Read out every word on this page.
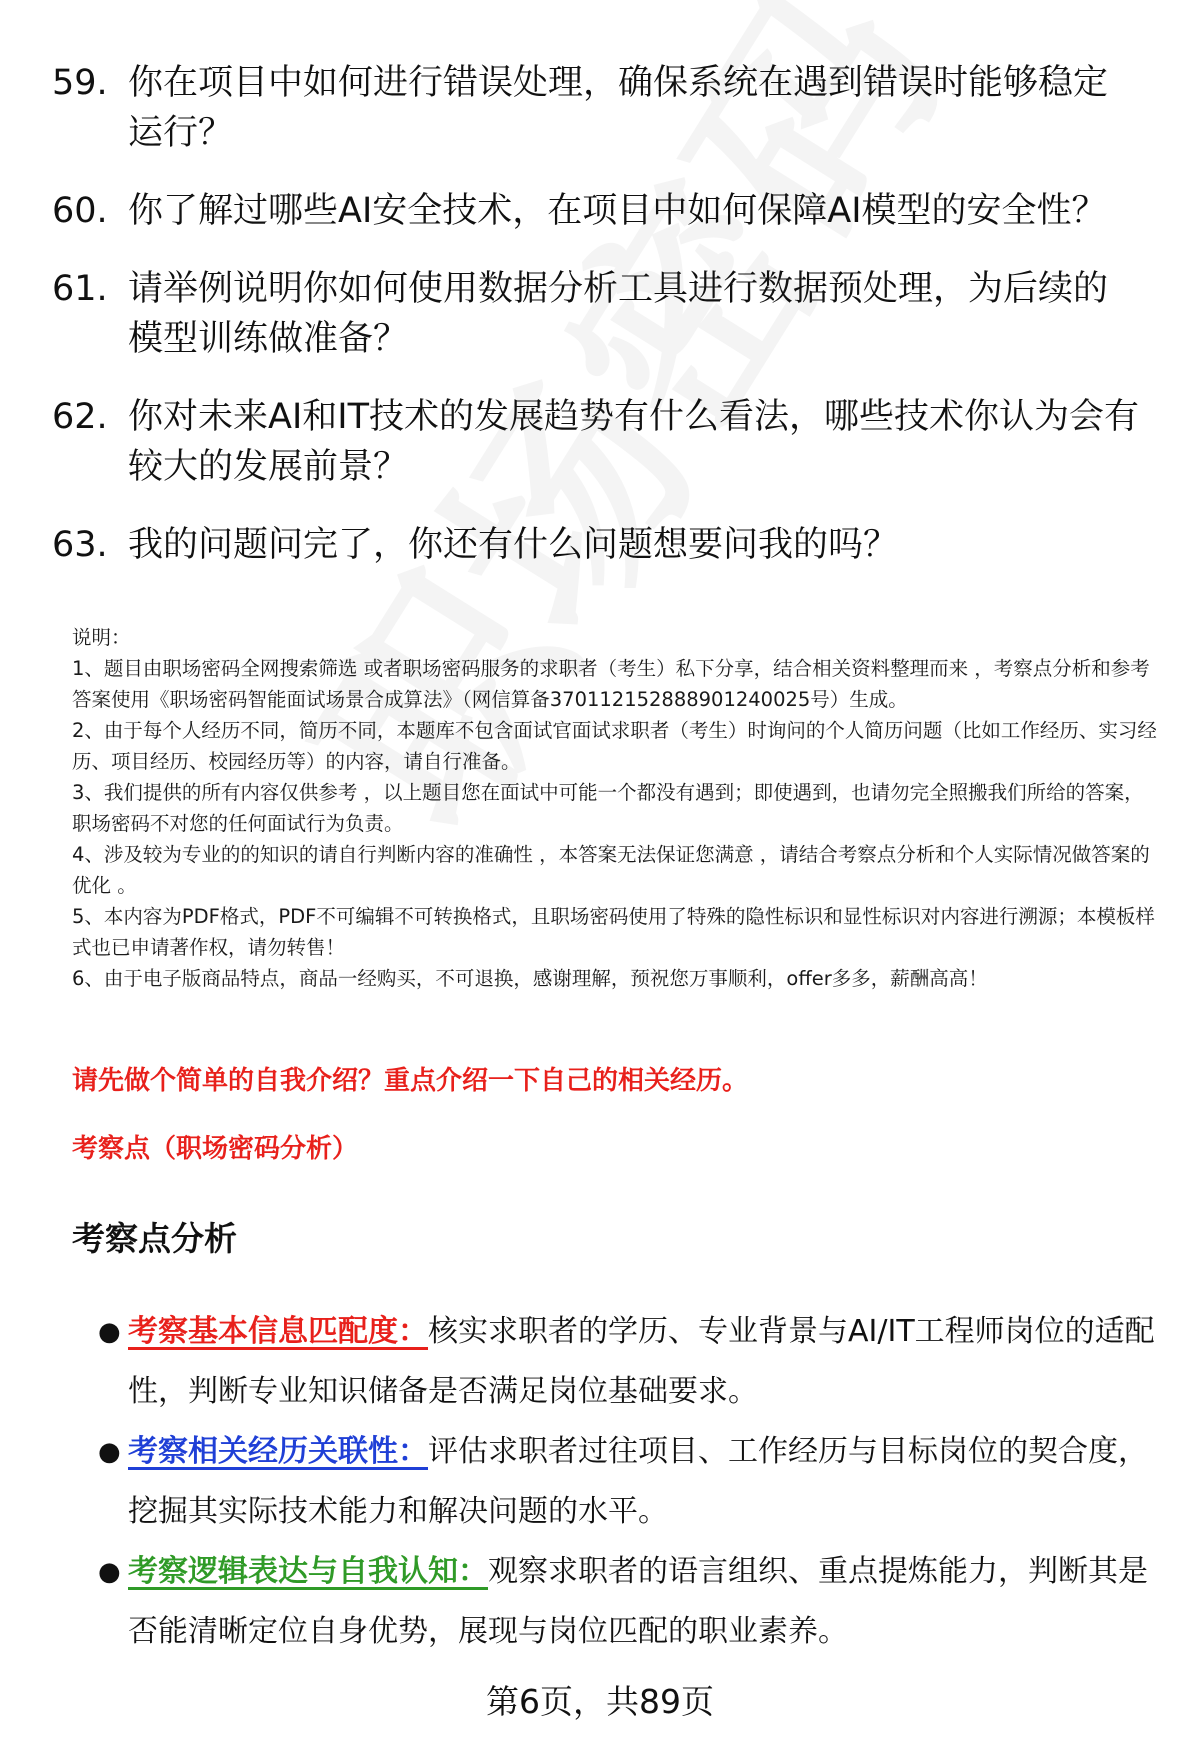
59. 你在项目中如何进行错误处理，确保系统在遇到错误时能够稳定运行？
60. 你了解过哪些AI安全技术，在项目中如何保障AI模型的安全性？
61. 请举例说明你如何使用数据分析工具进行数据预处理，为后续的模型训练做准备？
62. 你对未来AI和IT技术的发展趋势有什么看法，哪些技术你认为会有较大的发展前景？
63. 我的问题问完了，你还有什么问题想要问我的吗？

说明：

1、题目由职场密码全网搜索筛选 或者职场密码服务的求职者（考生）私下分享，结合相关资料整理而来 ，考察点分析和参考答案使用《职场密码智能面试场景合成算法》（网信算备370112152888901240025号）生成。

2、由于每个人经历不同，简历不同，本题库不包含面试官面试求职者（考生）时询问的个人简历问题（比如工作经历、实习经历、项目经历、校园经历等）的内容，请自行准备。

3、我们提供的所有内容仅供参考 ，以上题目您在面试中可能一个都没有遇到；即使遇到，也请勿完全照搬我们所给的答案，职场密码不对您的任何面试行为负责。

4、涉及较为专业的的知识的请自行判断内容的准确性 ，本答案无法保证您满意 ，请结合考察点分析和个人实际情况做答案的优化 。

5、本内容为PDF格式，PDF不可编辑不可转换格式，且职场密码使用了特殊的隐性标识和显性标识对内容进行溯源；本模板样式也已申请著作权，请勿转售！

6、由于电子版商品特点，商品一经购买，不可退换，感谢理解，预祝您万事顺利，offer多多，薪酬高高！

请先做个简单的自我介绍？重点介绍一下自己的相关经历。
考察点（职场密码分析）
考察点分析
● 考察基本信息匹配度：核实求职者的学历、专业背景与AI/IT工程师岗位的适配性，判断专业知识储备是否满足岗位基础要求。
● 考察相关经历关联性：评估求职者过往项目、工作经历与目标岗位的契合度，挖掘其实际技术能力和解决问题的水平。
● 考察逻辑表达与自我认知：观察求职者的语言组织、重点提炼能力，判断其是否能清晰定位自身优势，展现与岗位匹配的职业素养。
第6页，共89页
